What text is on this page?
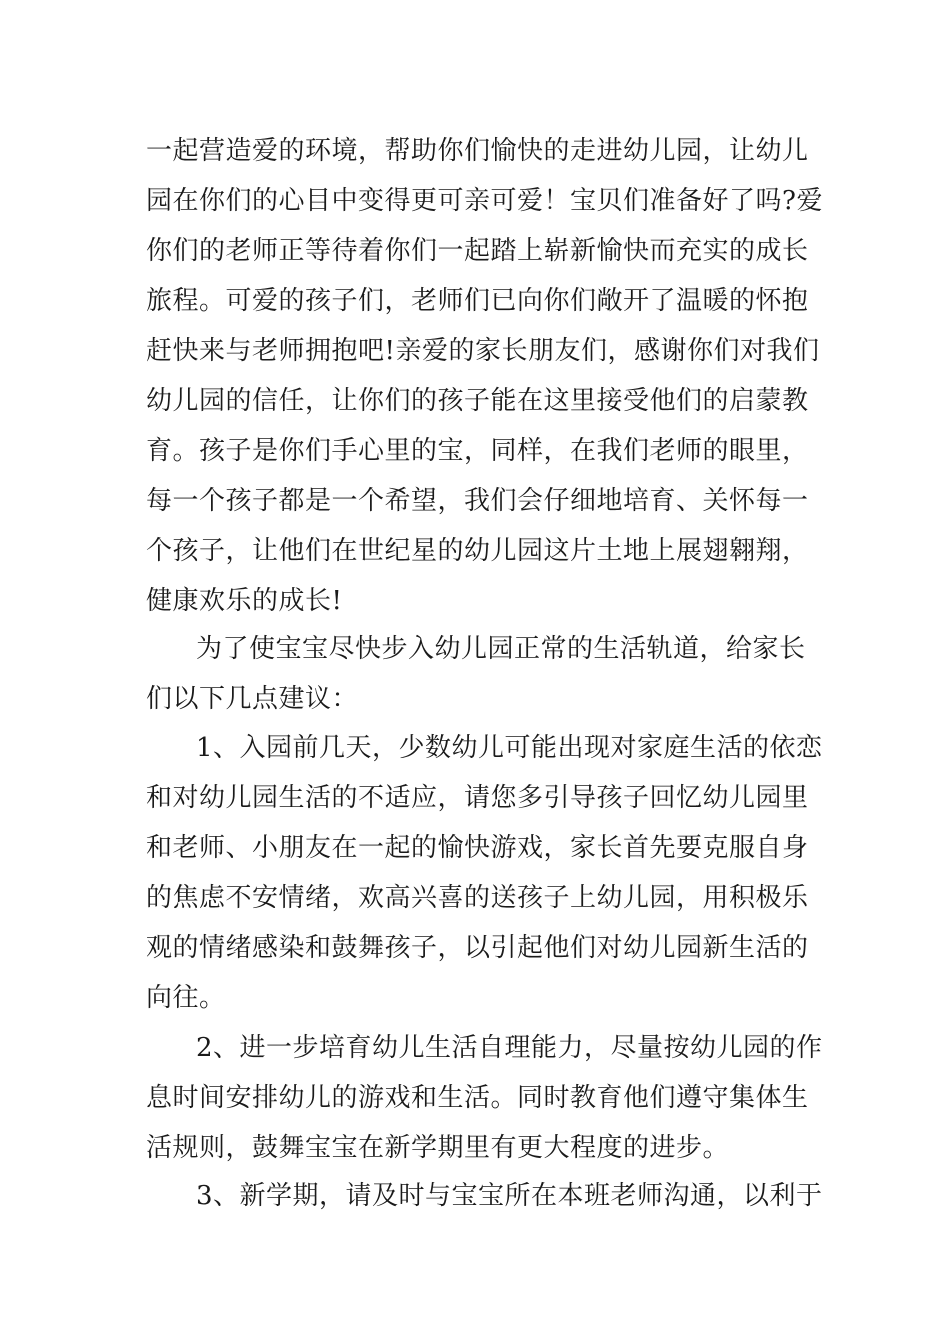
一起营造爱的环境，帮助你们愉快的走进幼儿园，让幼儿
园在你们的心目中变得更可亲可爱！宝贝们准备好了吗?爱
你们的老师正等待着你们一起踏上崭新愉快而充实的成长
旅程。可爱的孩子们，老师们已向你们敞开了温暖的怀抱
赶快来与老师拥抱吧!亲爱的家长朋友们，感谢你们对我们
幼儿园的信任，让你们的孩子能在这里接受他们的启蒙教
育。孩子是你们手心里的宝，同样，在我们老师的眼里，
每一个孩子都是一个希望，我们会仔细地培育、关怀每一
个孩子，让他们在世纪星的幼儿园这片土地上展翅翱翔，
健康欢乐的成长!
为了使宝宝尽快步入幼儿园正常的生活轨道，给家长
们以下几点建议：
1、入园前几天，少数幼儿可能出现对家庭生活的依恋
和对幼儿园生活的不适应，请您多引导孩子回忆幼儿园里
和老师、小朋友在一起的愉快游戏，家长首先要克服自身
的焦虑不安情绪，欢高兴喜的送孩子上幼儿园，用积极乐
观的情绪感染和鼓舞孩子，以引起他们对幼儿园新生活的
向往。
2、进一步培育幼儿生活自理能力，尽量按幼儿园的作
息时间安排幼儿的游戏和生活。同时教育他们遵守集体生
活规则，鼓舞宝宝在新学期里有更大程度的进步。
3、新学期，请及时与宝宝所在本班老师沟通，以利于
